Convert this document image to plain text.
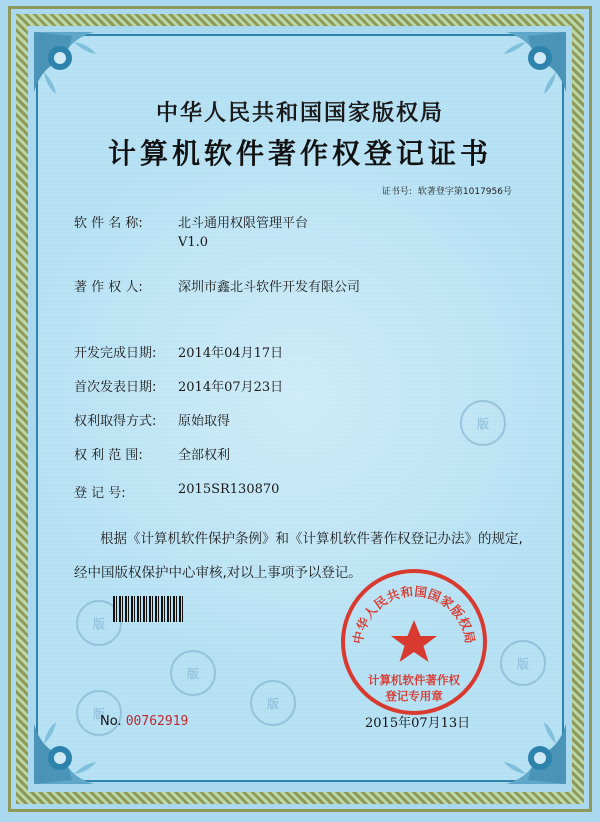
版
版
版
版
版
版
中华人民共和国国家版权局
计算机软件著作权登记证书
证书号: 软著登字第1017956号
软 件 名 称:	北斗通用权限管理平台
V1.0
著 作 权 人:	深圳市鑫北斗软件开发有限公司
开发完成日期:	2014年04月17日
首次发表日期:	2014年07月23日
权利取得方式:	原始取得
权 利 范 围:	全部权利
登 记 号:	2015SR130870
根据《计算机软件保护条例》和《计算机软件著作权登记办法》的规定,经中国版权保护中心审核,对以上事项予以登记。
中华人民共和国国家版权局
计算机软件著作权
登记专用章
No. 00762919	2015年07月13日
